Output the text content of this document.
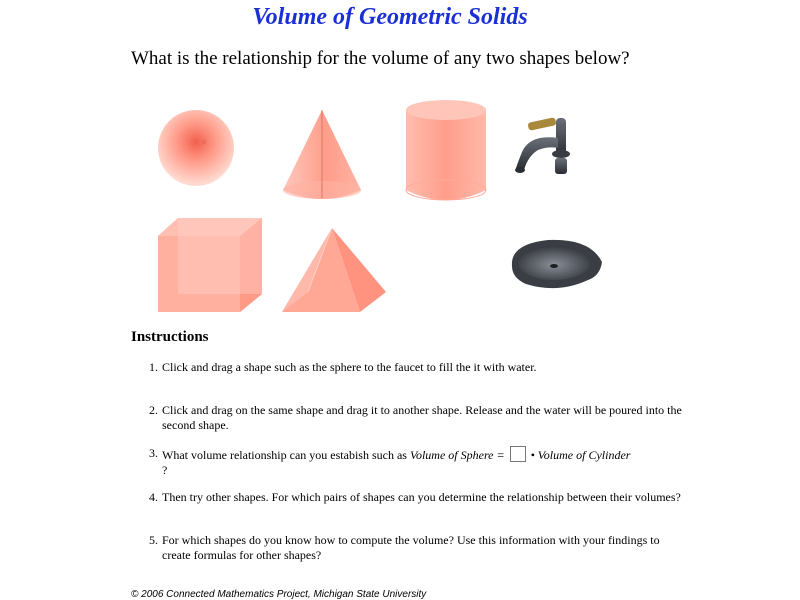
Volume of Geometric Solids
What is the relationship for the volume of any two shapes below?
Instructions
1. Click and drag a shape such as the sphere to the faucet to fill the it with water.
2. Click and drag on the same shape and drag it to another shape. Release and the water will be poured into the second shape.
3. What volume relationship can you estabish such as Volume of Sphere = • Volume of Cylinder
?
4. Then try other shapes. For which pairs of shapes can you determine the relationship between their volumes?
5. For which shapes do you know how to compute the volume? Use this information with your findings to create formulas for other shapes?
© 2006 Connected Mathematics Project, Michigan State University
